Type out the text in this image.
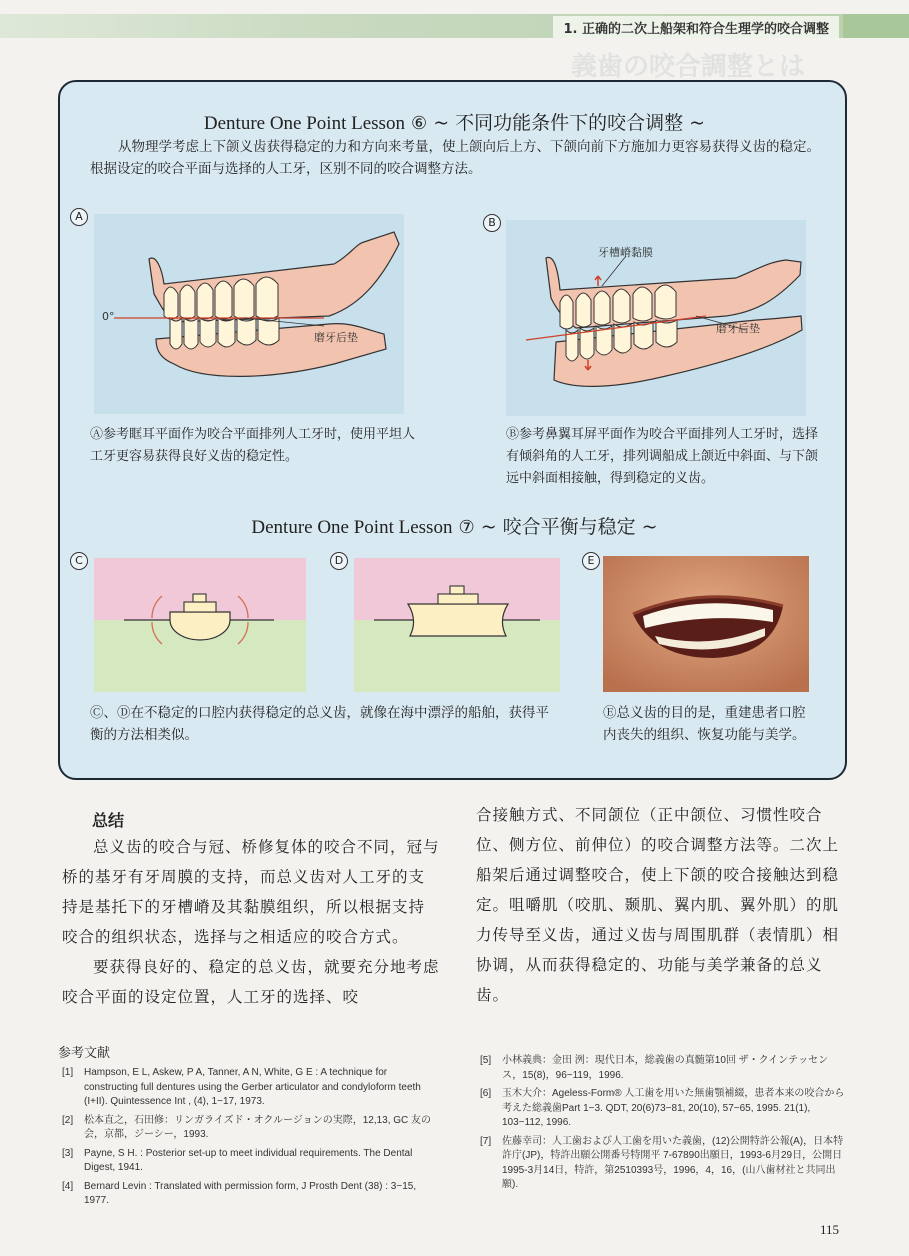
1. 正确的二次上船架和符合生理学的咬合调整
義歯の咬合調整とは
Denture One Point Lesson ⑥ ~ 不同功能条件下的咬合调整 ~
从物理学考虑上下颌义齿获得稳定的力和方向来考量，使上颌向后上方、下颌向前下方施加力更容易获得义齿的稳定。根据设定的咬合平面与选择的人工牙，区别不同的咬合调整方法。
A
0°
磨牙后垫
Ⓐ参考眶耳平面作为咬合平面排列人工牙时，使用平坦人工牙更容易获得良好义齿的稳定性。
B
牙槽嵴黏膜
磨牙后垫
Ⓑ参考鼻翼耳屏平面作为咬合平面排列人工牙时，选择有倾斜角的人工牙，排列调船成上颌近中斜面、与下颌远中斜面相接触，得到稳定的义齿。
Denture One Point Lesson ⑦ ~ 咬合平衡与稳定 ~
C	D	E
Ⓒ、Ⓓ在不稳定的口腔内获得稳定的总义齿，就像在海中漂浮的船舶，获得平衡的方法相类似。
Ⓔ总义齿的目的是，重建患者口腔内丧失的组织、恢复功能与美学。
总结

总义齿的咬合与冠、桥修复体的咬合不同，冠与桥的基牙有牙周膜的支持，而总义齿对人工牙的支持是基托下的牙槽嵴及其黏膜组织，所以根据支持咬合的组织状态，选择与之相适应的咬合方式。

要获得良好的、稳定的总义齿，就要充分地考虑咬合平面的设定位置，人工牙的选择、咬

合接触方式、不同颌位（正中颌位、习惯性咬合位、侧方位、前伸位）的咬合调整方法等。二次上船架后通过调整咬合，使上下颌的咬合接触达到稳定。咀嚼肌（咬肌、颞肌、翼内肌、翼外肌）的肌力传导至义齿，通过义齿与周围肌群（表情肌）相协调，从而获得稳定的、功能与美学兼备的总义齿。

参考文献
[1]	Hampson, E L, Askew, P A, Tanner, A N, White, G E : A technique for constructing full dentures using the Gerber articulator and condyloform teeth (I+II). Quintessence Int , (4), 1−17, 1973.
[2]	松本直之，石田修：リンガライズド・オクルージョンの実際，12,13, GC 友の会，京都，ジーシー，1993.
[3]	Payne, S H. : Posterior set-up to meet individual requirements. The Dental Digest, 1941.
[4]	Bernard Levin : Translated with permission form, J Prosth Dent (38) : 3−15, 1977.
[5]	小林義典：金田 洌：現代日本，総義歯の真髄第10回 ザ・クインテッセンス，15(8)，96−119，1996.
[6]	玉木大介：Ageless-Form® 人工歯を用いた無歯顎補綴，患者本来の咬合から考えた総義歯Part 1−3. QDT, 20(6)73−81, 20(10), 57−65, 1995. 21(1), 103−112, 1996.
[7]	佐藤幸司：人工歯および人工歯を用いた義歯，(12)公開特許公報(A)，日本特許庁(JP)，特許出願公開番号特開平 7-67890出願日，1993-6月29日，公開日1995-3月14日，特許，第2510393号，1996，4，16，(山八歯材社と共同出願).
115
